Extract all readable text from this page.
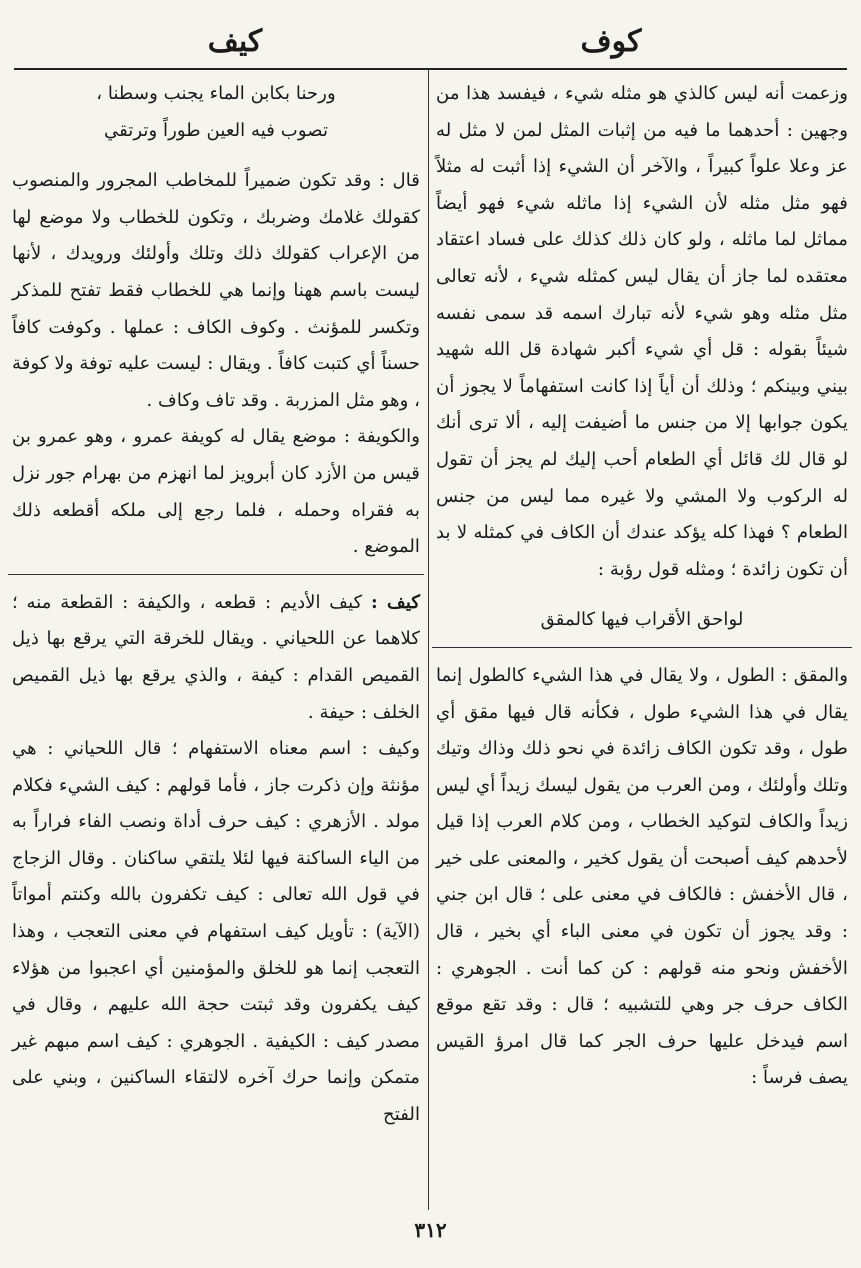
كوف
كيف

وزعمت أنه ليس كالذي هو مثله شيء ، فيفسد هذا من وجهين : أحدهما ما فيه من إثبات المثل لمن لا مثل له عز وعلا علواً كبيراً ، والآخر أن الشيء إذا أثبت له مثلاً فهو مثل مثله لأن الشيء إذا ماثله شيء فهو أيضاً مماثل لما ماثله ، ولو كان ذلك كذلك على فساد اعتقاد معتقده لما جاز أن يقال ليس كمثله شيء ، لأنه تعالى مثل مثله وهو شيء لأنه تبارك اسمه قد سمى نفسه شيئاً بقوله : قل أي شيء أكبر شهادة قل الله شهيد بيني وبينكم ؛ وذلك أن أياً إذا كانت استفهاماً لا يجوز أن يكون جوابها إلا من جنس ما أضيفت إليه ، ألا ترى أنك لو قال لك قائل أي الطعام أحب إليك لم يجز أن تقول له الركوب ولا المشي ولا غيره مما ليس من جنس الطعام ؟ فهذا كله يؤكد عندك أن الكاف في كمثله لا بد أن تكون زائدة ؛ ومثله قول رؤبة :

لواحق الأقراب فيها كالمقق

والمقق : الطول ، ولا يقال في هذا الشيء كالطول إنما يقال في هذا الشيء طول ، فكأنه قال فيها مقق أي طول ، وقد تكون الكاف زائدة في نحو ذلك وذاك وتيك وتلك وأولئك ، ومن العرب من يقول ليسك زيداً أي ليس زيداً والكاف لتوكيد الخطاب ، ومن كلام العرب إذا قيل لأحدهم كيف أصبحت أن يقول كخير ، والمعنى على خير ، قال الأخفش : فالكاف في معنى على ؛ قال ابن جني : وقد يجوز أن تكون في معنى الباء أي بخير ، قال الأخفش ونحو منه قولهم : كن كما أنت . الجوهري : الكاف حرف جر وهي للتشبيه ؛ قال : وقد تقع موقع اسم فيدخل عليها حرف الجر كما قال امرؤ القيس يصف فرساً :

ورحنا بكابن الماء يجنب وسطنا ،

تصوب فيه العين طوراً وترتقي

قال : وقد تكون ضميراً للمخاطب المجرور والمنصوب كقولك غلامك وضربك ، وتكون للخطاب ولا موضع لها من الإعراب كقولك ذلك وتلك وأولئك ورويدك ، لأنها ليست باسم ههنا وإنما هي للخطاب فقط تفتح للمذكر وتكسر للمؤنث . وكوف الكاف : عملها . وكوفت كافاً حسناً أي كتبت كافاً . ويقال : ليست عليه توفة ولا كوفة ، وهو مثل المزربة . وقد تاف وكاف .

والكويفة : موضع يقال له كويفة عمرو ، وهو عمرو بن قيس من الأزد كان أبرويز لما انهزم من بهرام جور نزل به فقراه وحمله ، فلما رجع إلى ملكه أقطعه ذلك الموضع .

كيف : كيف الأديم : قطعه ، والكيفة : القطعة منه ؛ كلاهما عن اللحياني . ويقال للخرقة التي يرقع بها ذيل القميص القدام : كيفة ، والذي يرقع بها ذيل القميص الخلف : حيفة .

وكيف : اسم معناه الاستفهام ؛ قال اللحياني : هي مؤنثة وإن ذكرت جاز ، فأما قولهم : كيف الشيء فكلام مولد . الأزهري : كيف حرف أداة ونصب الفاء فراراً به من الياء الساكنة فيها لئلا يلتقي ساكنان . وقال الزجاج في قول الله تعالى : كيف تكفرون بالله وكنتم أمواتاً (الآية) : تأويل كيف استفهام في معنى التعجب ، وهذا التعجب إنما هو للخلق والمؤمنين أي اعجبوا من هؤلاء كيف يكفرون وقد ثبتت حجة الله عليهم ، وقال في مصدر كيف : الكيفية . الجوهري : كيف اسم مبهم غير متمكن وإنما حرك آخره لالتقاء الساكنين ، وبني على الفتح

٣١٢
